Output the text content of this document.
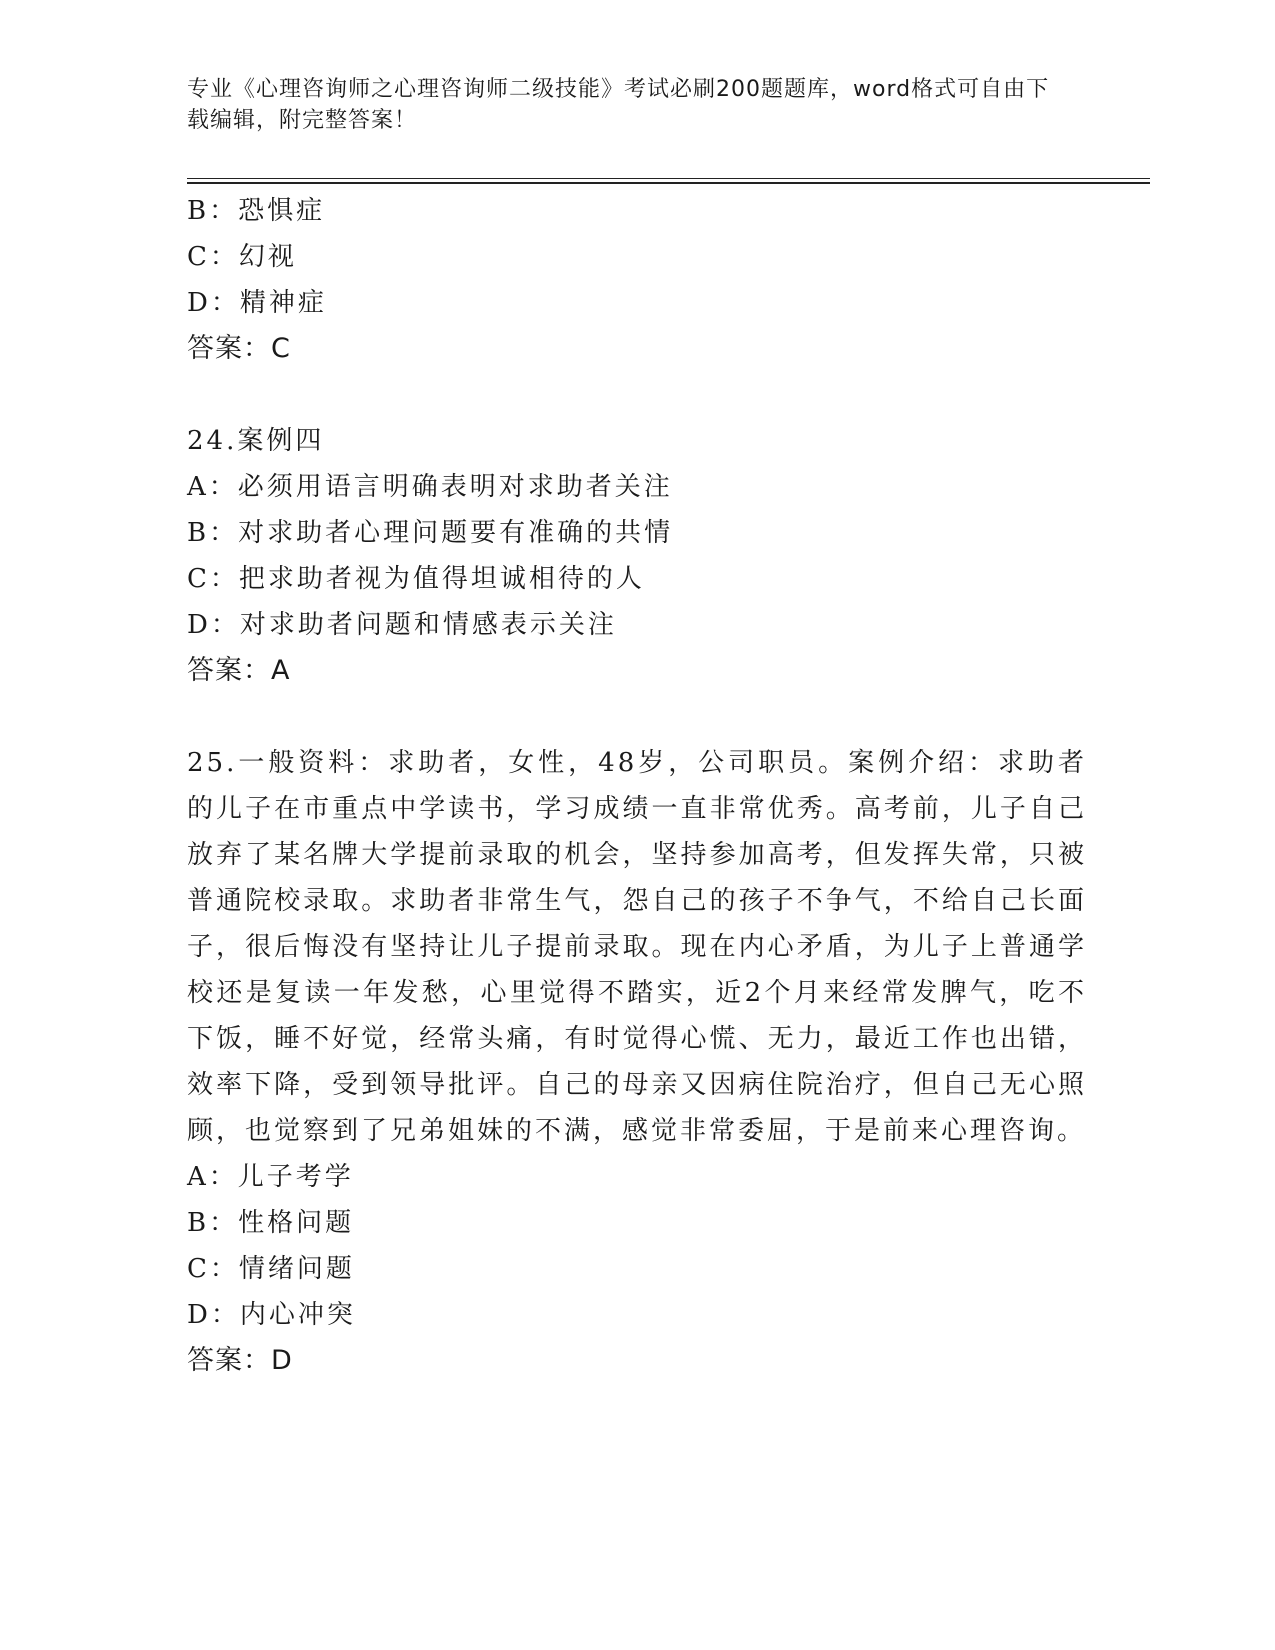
专业《心理咨询师之心理咨询师二级技能》考试必刷200题题库，word格式可自由下载编辑，附完整答案！
B：恐惧症
C：幻视
D：精神症
答案：C
24.案例四
A：必须用语言明确表明对求助者关注
B：对求助者心理问题要有准确的共情
C：把求助者视为值得坦诚相待的人
D：对求助者问题和情感表示关注
答案：A
25.一般资料：求助者，女性，48岁，公司职员。案例介绍：求助者的儿子在市重点中学读书，学习成绩一直非常优秀。高考前，儿子自己放弃了某名牌大学提前录取的机会，坚持参加高考，但发挥失常，只被普通院校录取。求助者非常生气，怨自己的孩子不争气，不给自己长面子，很后悔没有坚持让儿子提前录取。现在内心矛盾，为儿子上普通学校还是复读一年发愁，心里觉得不踏实，近2个月来经常发脾气，吃不下饭，睡不好觉，经常头痛，有时觉得心慌、无力，最近工作也出错，效率下降，受到领导批评。自己的母亲又因病住院治疗，但自己无心照顾，也觉察到了兄弟姐妹的不满，感觉非常委屈，于是前来心理咨询。
A：儿子考学
B：性格问题
C：情绪问题
D：内心冲突
答案：D
